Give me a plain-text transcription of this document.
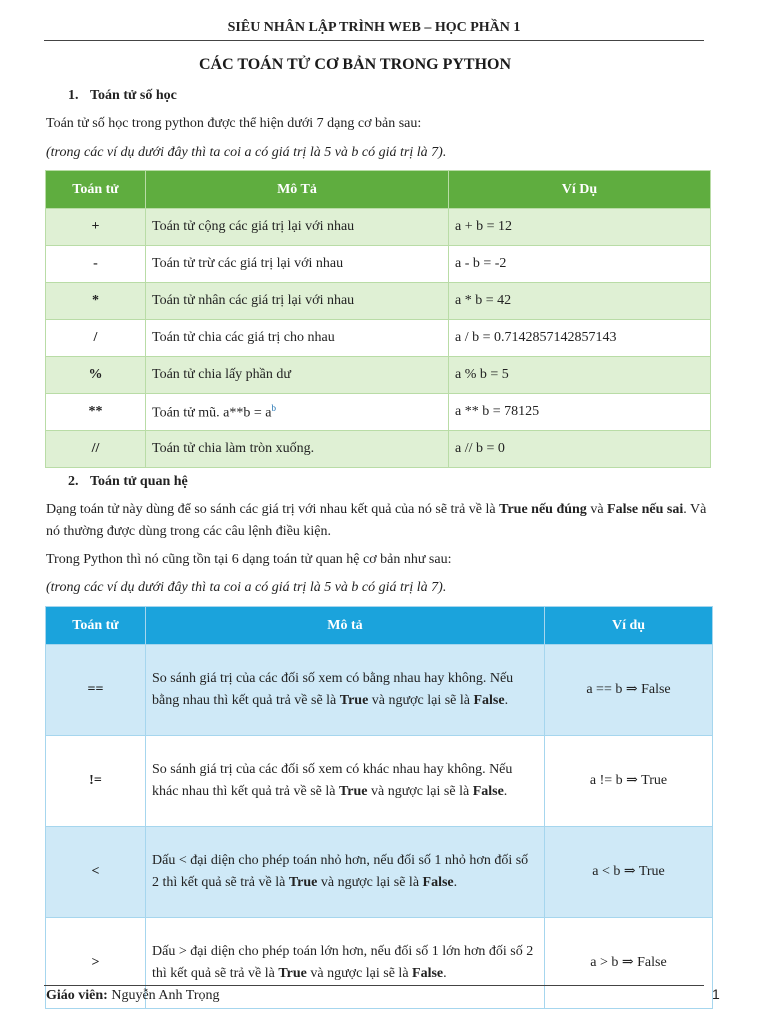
SIÊU NHÂN LẬP TRÌNH WEB – HỌC PHẦN 1
CÁC TOÁN TỬ CƠ BẢN TRONG PYTHON
1. Toán tử số học
Toán tử số học trong python được thể hiện dưới 7 dạng cơ bản sau:
(trong các ví dụ dưới đây thì ta coi a có giá trị là 5 và b có giá trị là 7).
Toán tử	Mô Tả	Ví Dụ
+	Toán tử cộng các giá trị lại với nhau	a + b = 12
-	Toán tử trừ các giá trị lại với nhau	a - b = -2
*	Toán tử nhân các giá trị lại với nhau	a * b = 42
/	Toán tử chia các giá trị cho nhau	a / b = 0.7142857142857143
%	Toán tử chia lấy phần dư	a % b = 5
**	Toán tử mũ. $a**b = a^b$	a ** b = 78125
//	Toán tử chia làm tròn xuống.	a // b = 0
2. Toán tử quan hệ
Dạng toán tử này dùng để so sánh các giá trị với nhau kết quả của nó sẽ trả về là True nếu đúng và False nếu sai. Và nó thường được dùng trong các câu lệnh điều kiện.
Trong Python thì nó cũng tồn tại 6 dạng toán tử quan hệ cơ bản như sau:
(trong các ví dụ dưới đây thì ta coi a có giá trị là 5 và b có giá trị là 7).
Toán tử	Mô tả	Ví dụ
==	So sánh giá trị của các đối số xem có bằng nhau hay không. Nếu bằng nhau thì kết quả trả về sẽ là True và ngược lại sẽ là False.	a == b ⇒ False
!=	So sánh giá trị của các đối số xem có khác nhau hay không. Nếu khác nhau thì kết quả trả về sẽ là True và ngược lại sẽ là False.	a != b ⇒ True
<	Dấu < đại diện cho phép toán nhỏ hơn, nếu đối số 1 nhỏ hơn đối số 2 thì kết quả sẽ trả về là True và ngược lại sẽ là False.	a < b ⇒ True
>	Dấu > đại diện cho phép toán lớn hơn, nếu đối số 1 lớn hơn đối số 2 thì kết quả sẽ trả về là True và ngược lại sẽ là False.	a > b ⇒ False
Giáo viên: Nguyễn Anh Trọng	1
